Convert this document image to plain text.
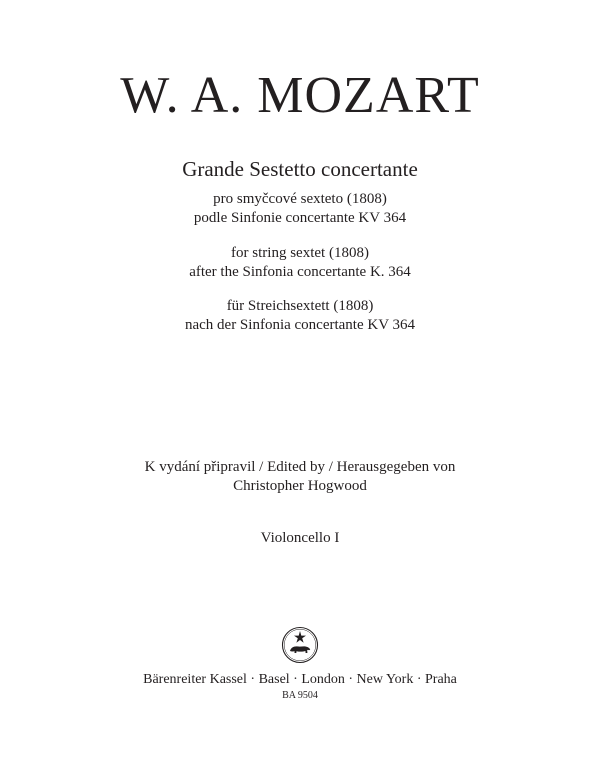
W. A. MOZART
Grande Sestetto concertante
pro smyčcové sexteto (1808)
podle Sinfonie concertante KV 364
for string sextet (1808)
after the Sinfonia concertante K. 364
für Streichsextett (1808)
nach der Sinfonia concertante KV 364
K vydání připravil / Edited by / Herausgegeben von
Christopher Hogwood
Violoncello I
Bärenreiter Kassel · Basel · London · New York · Praha
BA 9504
